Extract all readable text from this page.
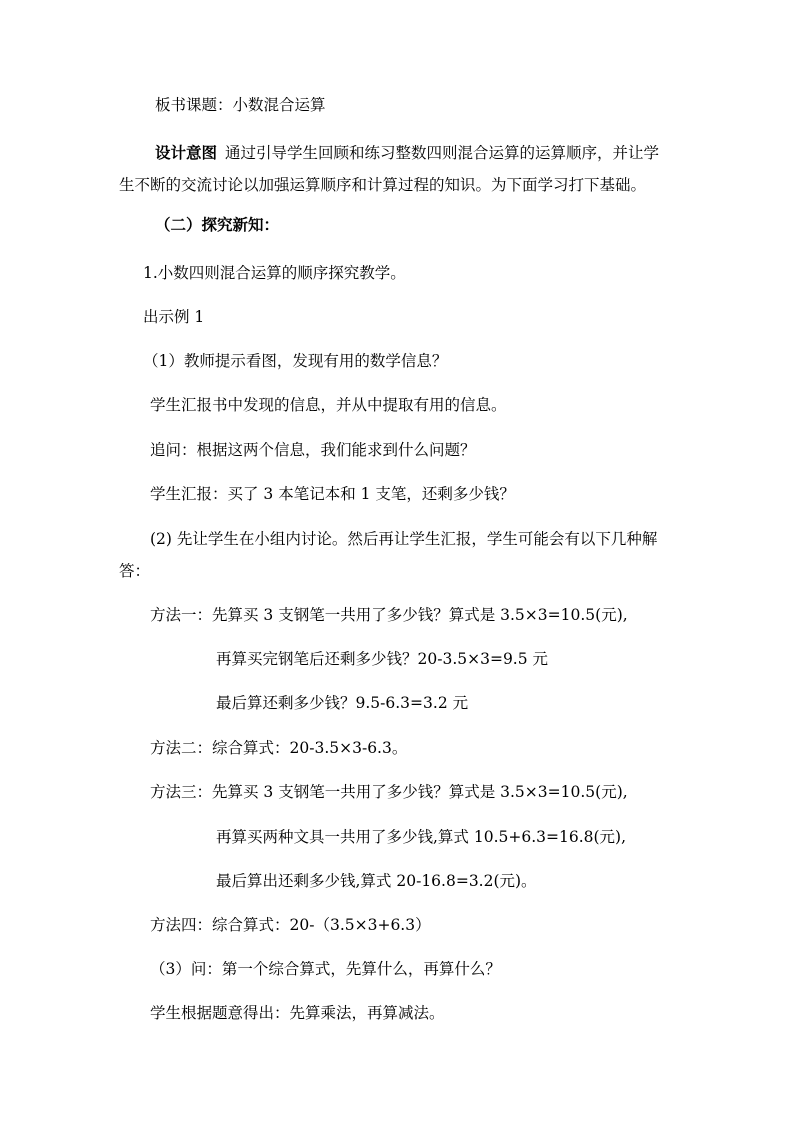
板书课题：小数混合运算
设计意图 通过引导学生回顾和练习整数四则混合运算的运算顺序，并让学
生不断的交流讨论以加强运算顺序和计算过程的知识。为下面学习打下基础。
（二）探究新知：
1.小数四则混合运算的顺序探究教学。
出示例 1
（1）教师提示看图，发现有用的数学信息？
学生汇报书中发现的信息，并从中提取有用的信息。
追问：根据这两个信息，我们能求到什么问题？
学生汇报：买了 3 本笔记本和 1 支笔，还剩多少钱？
(2) 先让学生在小组内讨论。然后再让学生汇报，学生可能会有以下几种解
答：
方法一：先算买 3 支钢笔一共用了多少钱？算式是 3.5×3=10.5(元),
再算买完钢笔后还剩多少钱？20-3.5×3=9.5 元
最后算还剩多少钱？9.5-6.3=3.2 元
方法二：综合算式：20-3.5×3-6.3。
方法三：先算买 3 支钢笔一共用了多少钱？算式是 3.5×3=10.5(元),
再算买两种文具一共用了多少钱,算式 10.5+6.3=16.8(元),
最后算出还剩多少钱,算式 20-16.8=3.2(元)。
方法四：综合算式：20-（3.5×3+6.3）
（3）问：第一个综合算式，先算什么，再算什么？
学生根据题意得出：先算乘法，再算减法。
